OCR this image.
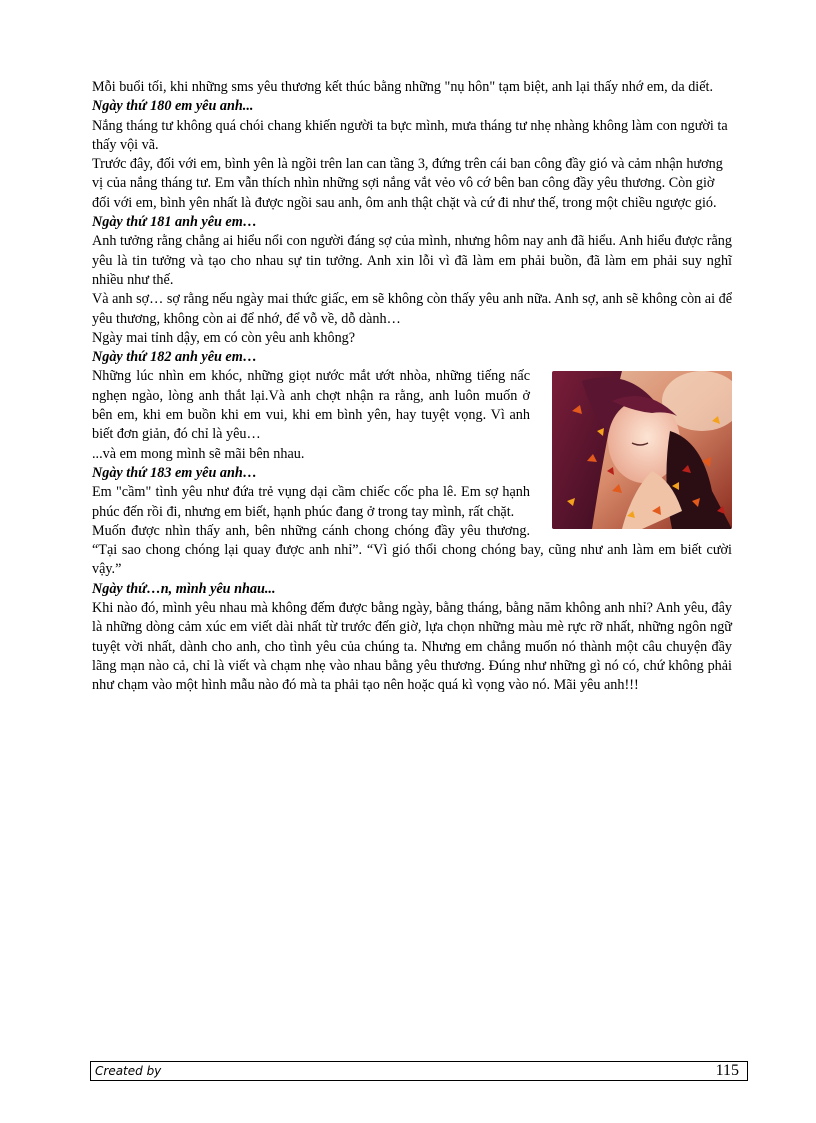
Mỗi buổi tối, khi những sms yêu thương kết thúc bằng những "nụ hôn" tạm biệt, anh lại thấy nhớ em, da diết.

Ngày thứ 180 em yêu anh...

Nắng tháng tư không quá chói chang khiến người ta bực mình, mưa tháng tư nhẹ nhàng không làm con người ta thấy vội vã.

Trước đây, đối với em, bình yên là ngồi trên lan can tầng 3, đứng trên cái ban công đầy gió và cảm nhận hương vị của nắng tháng tư. Em vẫn thích nhìn những sợi nắng vắt vẻo vô cớ bên ban công đầy yêu thương. Còn giờ đối với em, bình yên nhất là được ngồi sau anh, ôm anh thật chặt và cứ đi như thế, trong một chiều ngược gió.

Ngày thứ 181 anh yêu em…

Anh tưởng rằng chẳng ai hiểu nổi con người đáng sợ của mình, nhưng hôm nay anh đã hiểu. Anh hiểu được rằng yêu là tin tưởng và tạo cho nhau sự tin tưởng. Anh xin lỗi vì đã làm em phải buồn, đã làm em phải suy nghĩ nhiều như thế.

Và anh sợ… sợ rằng nếu ngày mai thức giấc, em sẽ không còn thấy yêu anh nữa. Anh sợ, anh sẽ không còn ai để yêu thương, không còn ai để nhớ, để vỗ về, dỗ dành…

Ngày mai tỉnh dậy, em có còn yêu anh không?

Ngày thứ 182 anh yêu em…

Những lúc nhìn em khóc, những giọt nước mắt ướt nhòa, những tiếng nấc nghẹn ngào, lòng anh thắt lại.Và anh chợt nhận ra rằng, anh luôn muốn ở bên em, khi em buồn khi em vui, khi em bình yên, hay tuyệt vọng. Vì anh biết đơn giản, đó chỉ là yêu…

...và em mong mình sẽ mãi bên nhau.

Ngày thứ 183 em yêu anh…

Em "cầm" tình yêu như đứa trẻ vụng dại cầm chiếc cốc pha lê. Em sợ hạnh phúc đến rồi đi, nhưng em biết, hạnh phúc đang ở trong tay mình, rất chặt.

Muốn được nhìn thấy anh, bên những cánh chong chóng đầy yêu thương. “Tại sao chong chóng lại quay được anh nhỉ”. “Vì gió thổi chong chóng bay, cũng như anh làm em biết cười vậy.”

Ngày thứ…n, mình yêu nhau...

Khi nào đó, mình yêu nhau mà không đếm được bằng ngày, bằng tháng, bằng năm không anh nhỉ? Anh yêu, đây là những dòng cảm xúc em viết dài nhất từ trước đến giờ, lựa chọn những màu mè rực rỡ nhất, những ngôn ngữ tuyệt vời nhất, dành cho anh, cho tình yêu của chúng ta. Nhưng em chẳng muốn nó thành một câu chuyện đầy lãng mạn nào cả, chỉ là viết và chạm nhẹ vào nhau bằng yêu thương. Đúng như những gì nó có, chứ không phải như chạm vào một hình mẫu nào đó mà ta phải tạo nên hoặc quá kì vọng vào nó. Mãi yêu anh!!!

Created by	115
